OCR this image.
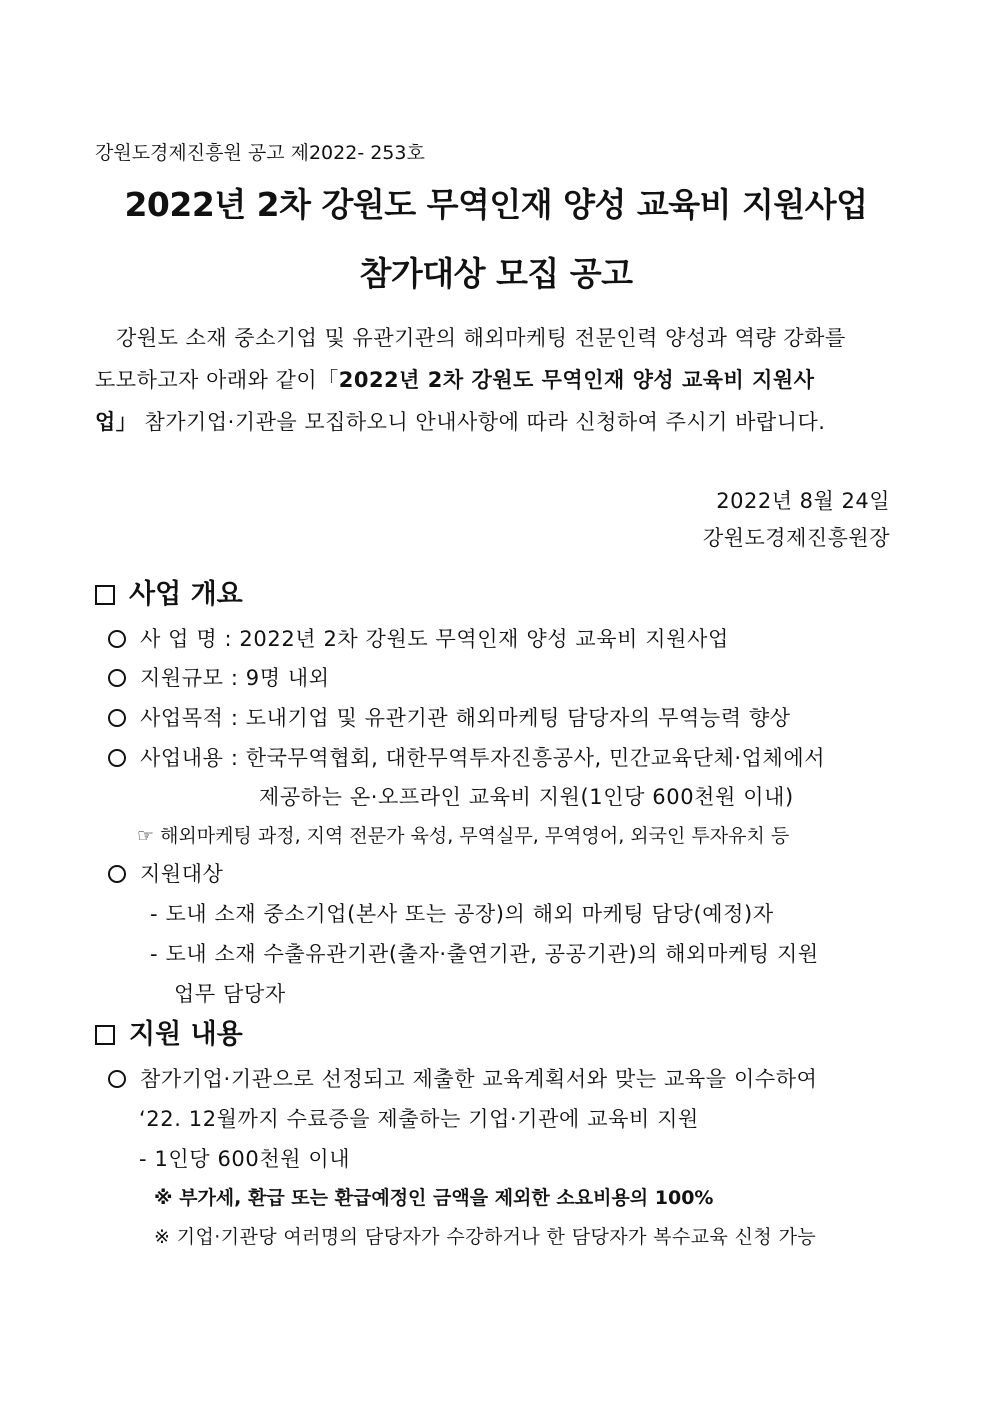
강원도경제진흥원 공고 제2022- 253호
2022년 2차 강원도 무역인재 양성 교육비 지원사업
참가대상 모집 공고
강원도 소재 중소기업 및 유관기관의 해외마케팅 전문인력 양성과 역량 강화를
도모하고자 아래와 같이「2022년 2차 강원도 무역인재 양성 교육비 지원사
업」 참가기업·기관을 모집하오니 안내사항에 따라 신청하여 주시기 바랍니다.
2022년 8월 24일
강원도경제진흥원장
사업 개요
사 업 명 : 2022년 2차 강원도 무역인재 양성 교육비 지원사업
지원규모 : 9명 내외
사업목적 : 도내기업 및 유관기관 해외마케팅 담당자의 무역능력 향상
사업내용 : 한국무역협회, 대한무역투자진흥공사, 민간교육단체·업체에서
제공하는 온·오프라인 교육비 지원(1인당 600천원 이내)
☞ 해외마케팅 과정, 지역 전문가 육성, 무역실무, 무역영어, 외국인 투자유치 등
지원대상
- 도내 소재 중소기업(본사 또는 공장)의 해외 마케팅 담당(예정)자
- 도내 소재 수출유관기관(출자·출연기관, 공공기관)의 해외마케팅 지원
업무 담당자
지원 내용
참가기업·기관으로 선정되고 제출한 교육계획서와 맞는 교육을 이수하여
‘22. 12월까지 수료증을 제출하는 기업·기관에 교육비 지원
- 1인당 600천원 이내
※ 부가세, 환급 또는 환급예정인 금액을 제외한 소요비용의 100%
※ 기업·기관당 여러명의 담당자가 수강하거나 한 담당자가 복수교육 신청 가능
